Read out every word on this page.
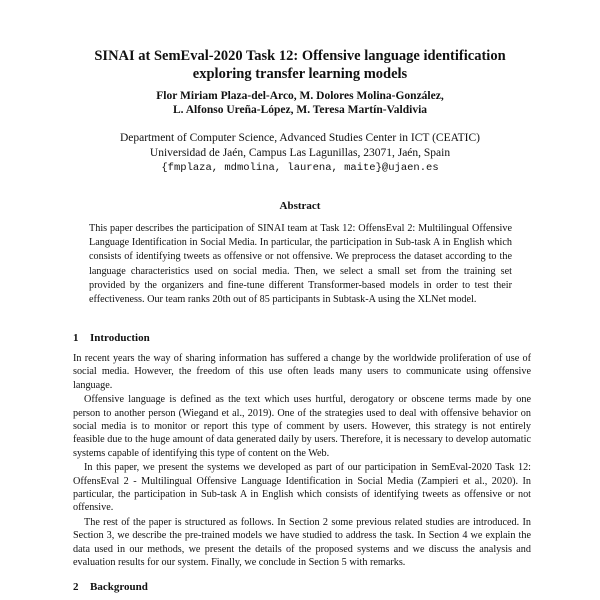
SINAI at SemEval-2020 Task 12: Offensive language identification
exploring transfer learning models
Flor Miriam Plaza-del-Arco, M. Dolores Molina-González,
L. Alfonso Ureña-López, M. Teresa Martín-Valdivia
Department of Computer Science, Advanced Studies Center in ICT (CEATIC)
Universidad de Jaén, Campus Las Lagunillas, 23071, Jaén, Spain
{fmplaza, mdmolina, laurena, maite}@ujaen.es
Abstract

This paper describes the participation of SINAI team at Task 12: OffensEval 2: Multilingual Offensive Language Identification in Social Media. In particular, the participation in Sub-task A in English which consists of identifying tweets as offensive or not offensive. We preprocess the dataset according to the language characteristics used on social media. Then, we select a small set from the training set provided by the organizers and fine-tune different Transformer-based models in order to test their effectiveness. Our team ranks 20th out of 85 participants in Subtask-A using the XLNet model.

1 Introduction

In recent years the way of sharing information has suffered a change by the worldwide proliferation of use of social media. However, the freedom of this use often leads many users to communicate using offensive language.

Offensive language is defined as the text which uses hurtful, derogatory or obscene terms made by one person to another person (Wiegand et al., 2019). One of the strategies used to deal with offensive behavior on social media is to monitor or report this type of comment by users. However, this strategy is not entirely feasible due to the huge amount of data generated daily by users. Therefore, it is necessary to develop automatic systems capable of identifying this type of content on the Web.

In this paper, we present the systems we developed as part of our participation in SemEval-2020 Task 12: OffensEval 2 - Multilingual Offensive Language Identification in Social Media (Zampieri et al., 2020). In particular, the participation in Sub-task A in English which consists of identifying tweets as offensive or not offensive.

The rest of the paper is structured as follows. In Section 2 some previous related studies are introduced. In Section 3, we describe the pre-trained models we have studied to address the task. In Section 4 we explain the data used in our methods, we present the details of the proposed systems and we discuss the analysis and evaluation results for our system. Finally, we conclude in Section 5 with remarks.

2 Background
